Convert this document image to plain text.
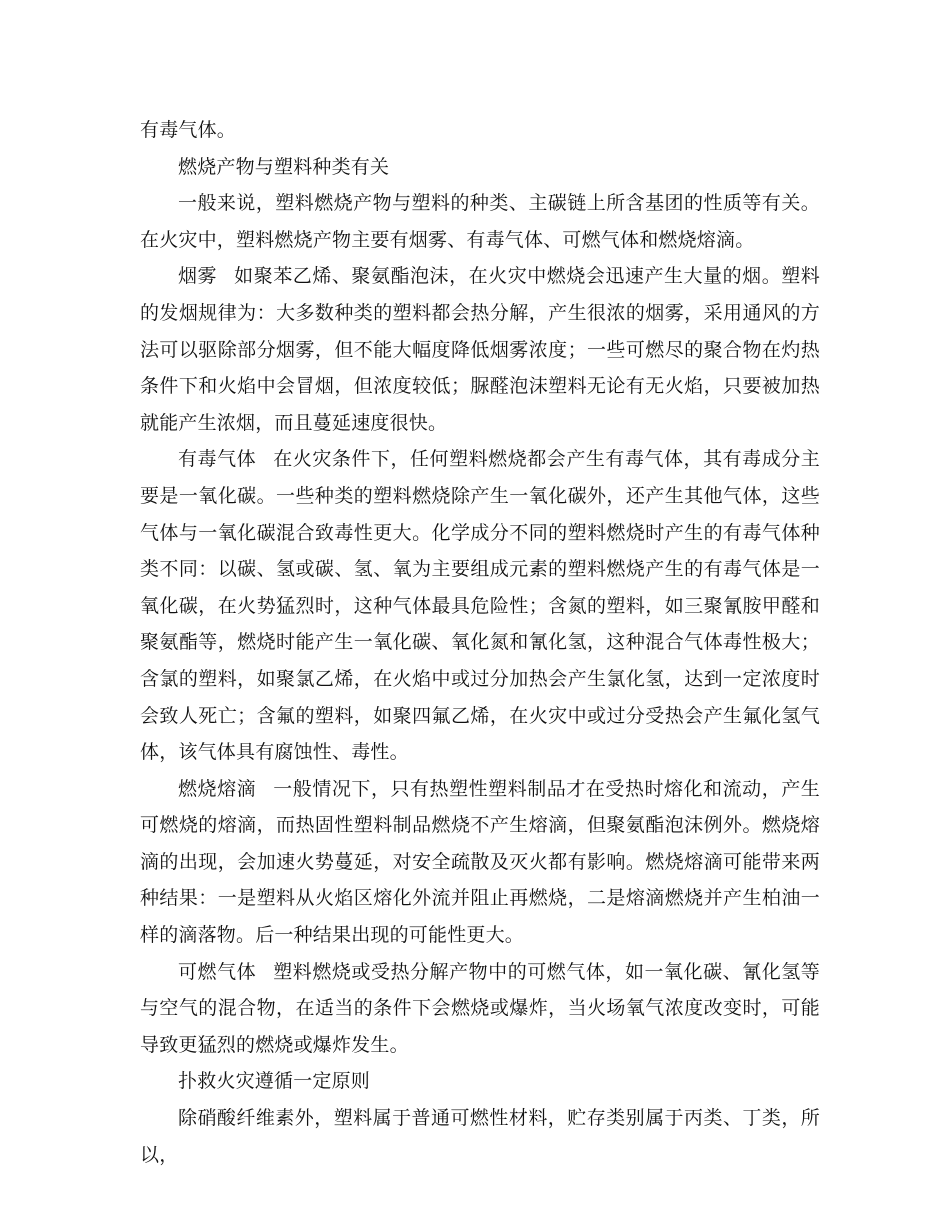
有毒气体。

燃烧产物与塑料种类有关

一般来说，塑料燃烧产物与塑料的种类、主碳链上所含基团的性质等有关。在火灾中，塑料燃烧产物主要有烟雾、有毒气体、可燃气体和燃烧熔滴。

烟雾 如聚苯乙烯、聚氨酯泡沫，在火灾中燃烧会迅速产生大量的烟。塑料的发烟规律为：大多数种类的塑料都会热分解，产生很浓的烟雾，采用通风的方法可以驱除部分烟雾，但不能大幅度降低烟雾浓度；一些可燃尽的聚合物在灼热条件下和火焰中会冒烟，但浓度较低；脲醛泡沫塑料无论有无火焰，只要被加热就能产生浓烟，而且蔓延速度很快。

有毒气体 在火灾条件下，任何塑料燃烧都会产生有毒气体，其有毒成分主要是一氧化碳。一些种类的塑料燃烧除产生一氧化碳外，还产生其他气体，这些气体与一氧化碳混合致毒性更大。化学成分不同的塑料燃烧时产生的有毒气体种类不同：以碳、氢或碳、氢、氧为主要组成元素的塑料燃烧产生的有毒气体是一氧化碳，在火势猛烈时，这种气体最具危险性；含氮的塑料，如三聚氰胺甲醛和聚氨酯等，燃烧时能产生一氧化碳、氧化氮和氰化氢，这种混合气体毒性极大；含氯的塑料，如聚氯乙烯，在火焰中或过分加热会产生氯化氢，达到一定浓度时会致人死亡；含氟的塑料，如聚四氟乙烯，在火灾中或过分受热会产生氟化氢气体，该气体具有腐蚀性、毒性。

燃烧熔滴 一般情况下，只有热塑性塑料制品才在受热时熔化和流动，产生可燃烧的熔滴，而热固性塑料制品燃烧不产生熔滴，但聚氨酯泡沫例外。燃烧熔滴的出现，会加速火势蔓延，对安全疏散及灭火都有影响。燃烧熔滴可能带来两种结果：一是塑料从火焰区熔化外流并阻止再燃烧，二是熔滴燃烧并产生柏油一样的滴落物。后一种结果出现的可能性更大。

可燃气体 塑料燃烧或受热分解产物中的可燃气体，如一氧化碳、氰化氢等与空气的混合物，在适当的条件下会燃烧或爆炸，当火场氧气浓度改变时，可能导致更猛烈的燃烧或爆炸发生。

扑救火灾遵循一定原则

除硝酸纤维素外，塑料属于普通可燃性材料，贮存类别属于丙类、丁类，所以，
